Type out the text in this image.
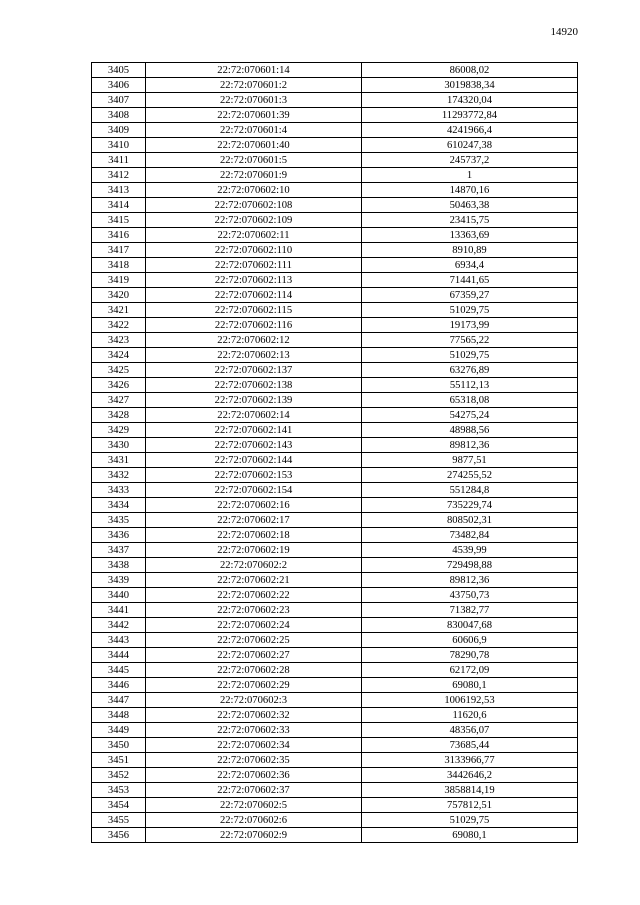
14920
3405	22:72:070601:14	86008,02
3406	22:72:070601:2	3019838,34
3407	22:72:070601:3	174320,04
3408	22:72:070601:39	11293772,84
3409	22:72:070601:4	4241966,4
3410	22:72:070601:40	610247,38
3411	22:72:070601:5	245737,2
3412	22:72:070601:9	1
3413	22:72:070602:10	14870,16
3414	22:72:070602:108	50463,38
3415	22:72:070602:109	23415,75
3416	22:72:070602:11	13363,69
3417	22:72:070602:110	8910,89
3418	22:72:070602:111	6934,4
3419	22:72:070602:113	71441,65
3420	22:72:070602:114	67359,27
3421	22:72:070602:115	51029,75
3422	22:72:070602:116	19173,99
3423	22:72:070602:12	77565,22
3424	22:72:070602:13	51029,75
3425	22:72:070602:137	63276,89
3426	22:72:070602:138	55112,13
3427	22:72:070602:139	65318,08
3428	22:72:070602:14	54275,24
3429	22:72:070602:141	48988,56
3430	22:72:070602:143	89812,36
3431	22:72:070602:144	9877,51
3432	22:72:070602:153	274255,52
3433	22:72:070602:154	551284,8
3434	22:72:070602:16	735229,74
3435	22:72:070602:17	808502,31
3436	22:72:070602:18	73482,84
3437	22:72:070602:19	4539,99
3438	22:72:070602:2	729498,88
3439	22:72:070602:21	89812,36
3440	22:72:070602:22	43750,73
3441	22:72:070602:23	71382,77
3442	22:72:070602:24	830047,68
3443	22:72:070602:25	60606,9
3444	22:72:070602:27	78290,78
3445	22:72:070602:28	62172,09
3446	22:72:070602:29	69080,1
3447	22:72:070602:3	1006192,53
3448	22:72:070602:32	11620,6
3449	22:72:070602:33	48356,07
3450	22:72:070602:34	73685,44
3451	22:72:070602:35	3133966,77
3452	22:72:070602:36	3442646,2
3453	22:72:070602:37	3858814,19
3454	22:72:070602:5	757812,51
3455	22:72:070602:6	51029,75
3456	22:72:070602:9	69080,1
